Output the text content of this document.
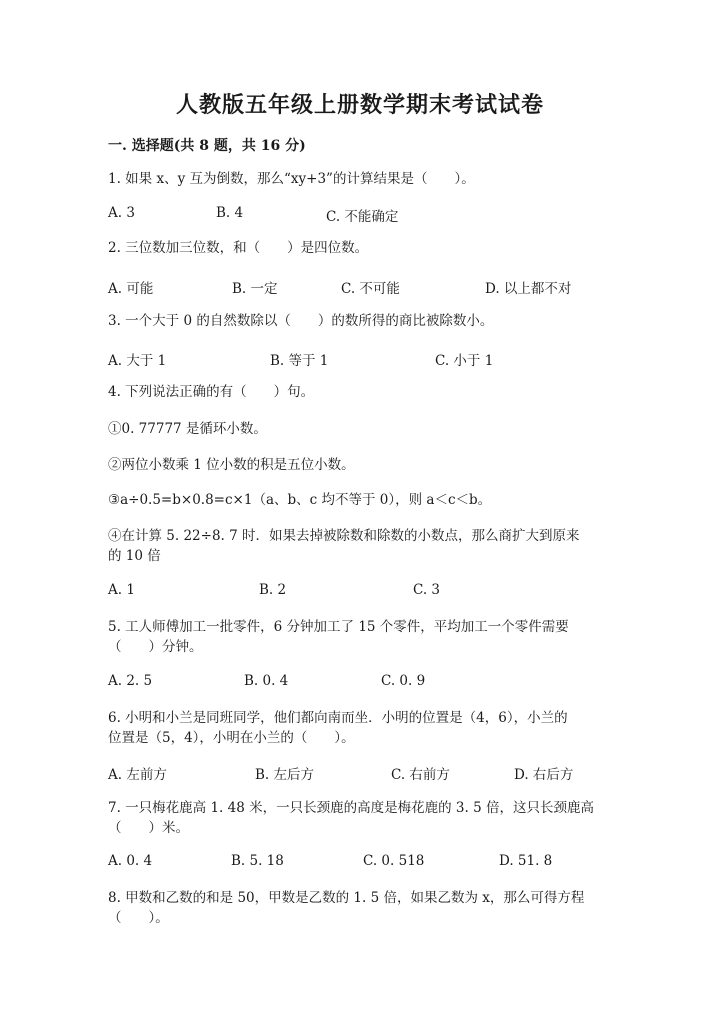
人教版五年级上册数学期末考试试卷
一. 选择题(共 8 题，共 16 分)
1. 如果 x、y 互为倒数，那么“xy+3”的计算结果是（　　）。
A. 3	B. 4	C. 不能确定
2. 三位数加三位数，和（　　）是四位数。
A. 可能	B. 一定	C. 不可能	D. 以上都不对
3. 一个大于 0 的自然数除以（　　）的数所得的商比被除数小。
A. 大于 1	B. 等于 1	C. 小于 1
4. 下列说法正确的有（　　）句。
①0. 77777 是循环小数。
②两位小数乘 1 位小数的积是五位小数。
③a÷0.5=b×0.8=c×1（a、b、c 均不等于 0），则 a＜c＜b。
④在计算 5. 22÷8. 7 时．如果去掉被除数和除数的小数点，那么商扩大到原来
的 10 倍
A. 1	B. 2	C. 3
5. 工人师傅加工一批零件，6 分钟加工了 15 个零件，平均加工一个零件需要
（　　）分钟。
A. 2. 5	B. 0. 4	C. 0. 9
6. 小明和小兰是同班同学，他们都向南而坐．小明的位置是（4，6），小兰的
位置是（5，4），小明在小兰的（　　）。
A. 左前方	B. 左后方	C. 右前方	D. 右后方
7. 一只梅花鹿高 1. 48 米，一只长颈鹿的高度是梅花鹿的 3. 5 倍，这只长颈鹿高
（　　）米。
A. 0. 4	B. 5. 18	C. 0. 518	D. 51. 8
8. 甲数和乙数的和是 50，甲数是乙数的 1. 5 倍，如果乙数为 x，那么可得方程
（　　）。
